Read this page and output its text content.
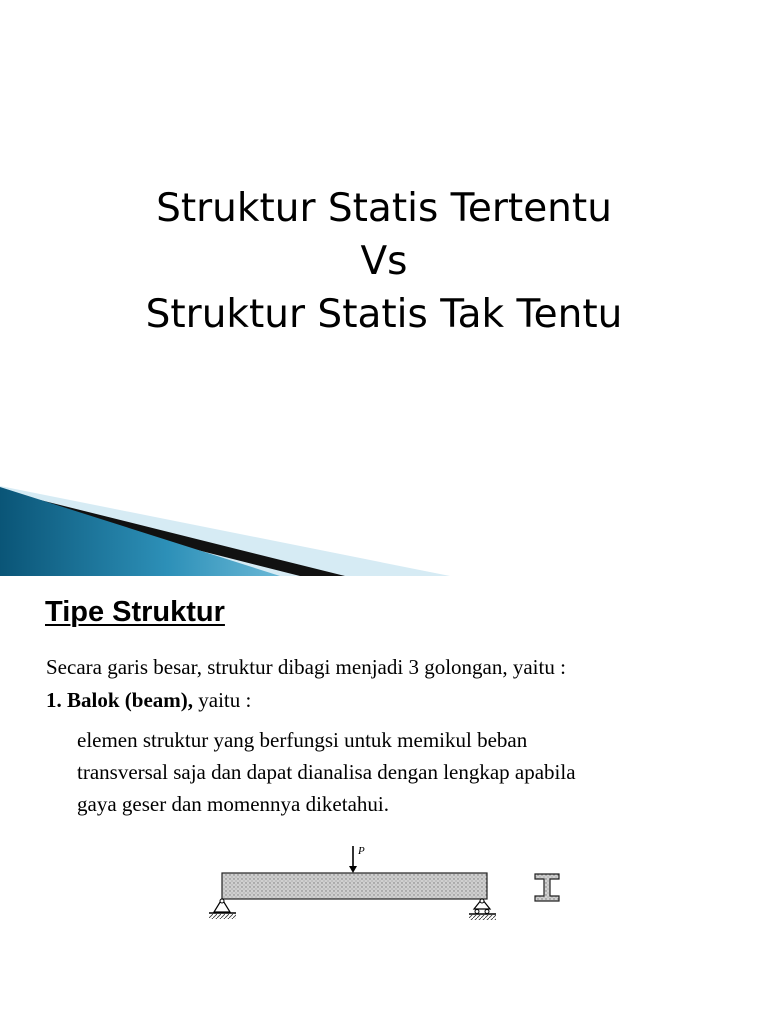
Struktur Statis Tertentu
Vs
Struktur Statis Tak Tentu
Tipe Struktur
Secara garis besar, struktur dibagi menjadi 3 golongan, yaitu :
1. Balok (beam), yaitu :
elemen struktur yang berfungsi untuk memikul beban
transversal saja dan dapat dianalisa dengan lengkap apabila
gaya geser dan momennya diketahui.
P
